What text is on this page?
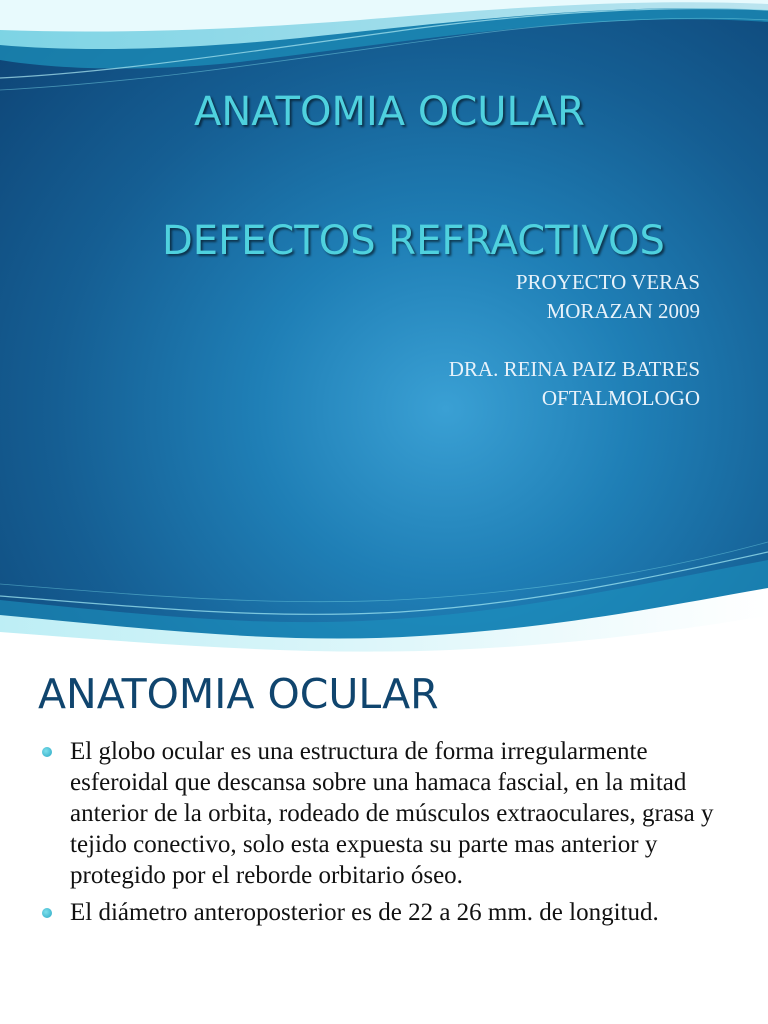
ANATOMIA OCULAR
DEFECTOS REFRACTIVOS
PROYECTO VERAS
MORAZAN 2009
DRA. REINA PAIZ BATRES
OFTALMOLOGO
ANATOMIA OCULAR
El globo ocular es una estructura de forma irregularmente esferoidal que descansa sobre una hamaca fascial, en la mitad anterior de la orbita, rodeado de músculos extraoculares, grasa y tejido conectivo, solo esta expuesta su parte mas anterior y protegido por el reborde orbitario óseo.
El diámetro anteroposterior es de 22 a 26 mm. de longitud.
